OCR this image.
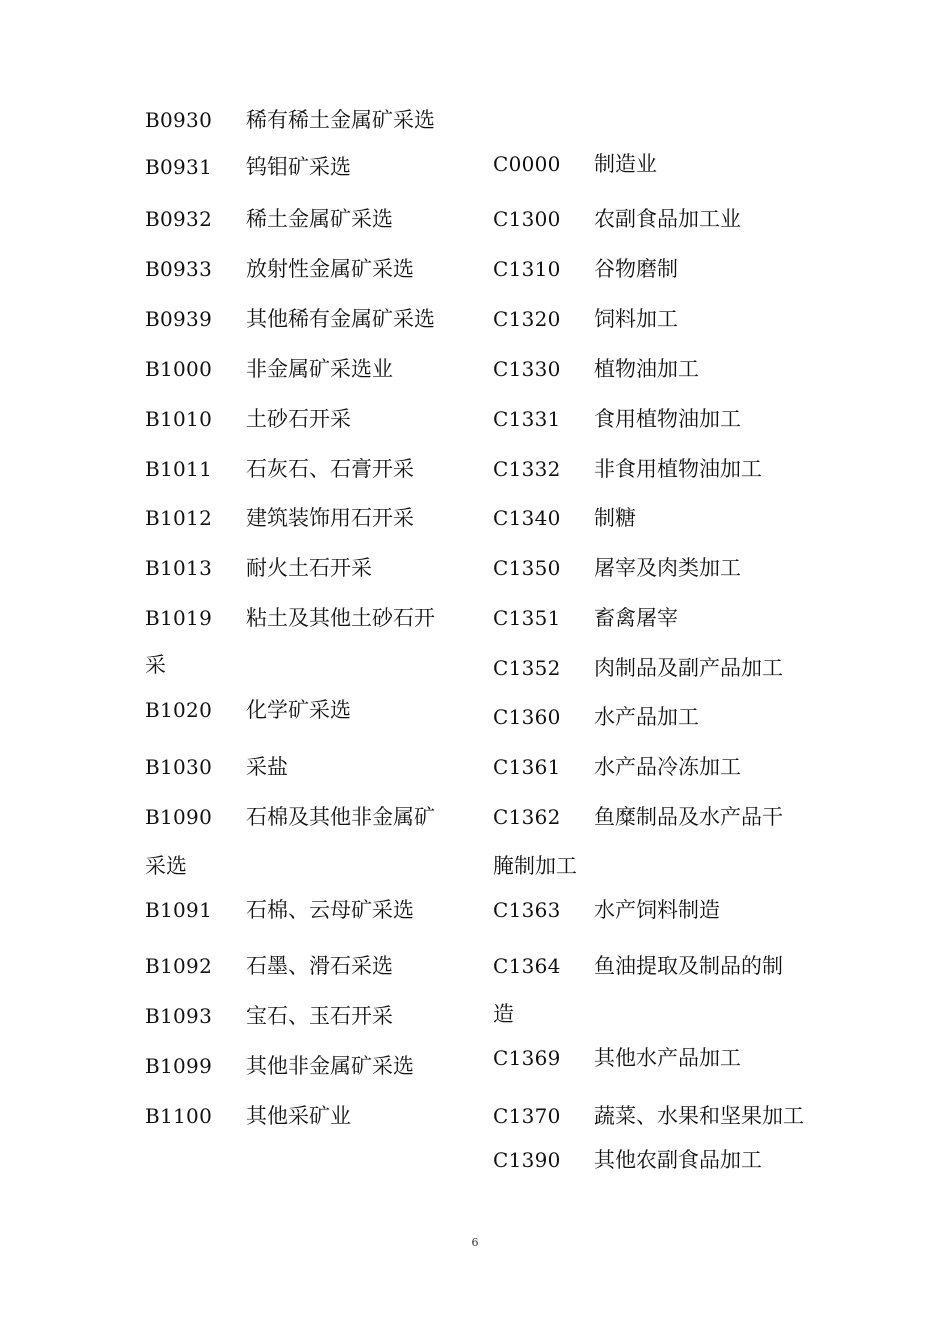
B0930 稀有稀土金属矿采选
B0931 钨钼矿采选
B0932 稀土金属矿采选
B0933 放射性金属矿采选
B0939 其他稀有金属矿采选
B1000 非金属矿采选业
B1010 土砂石开采
B1011 石灰石、石膏开采
B1012 建筑装饰用石开采
B1013 耐火土石开采
B1019 粘土及其他土砂石开
采
B1020 化学矿采选
B1030 采盐
B1090 石棉及其他非金属矿
采选
B1091 石棉、云母矿采选
B1092 石墨、滑石采选
B1093 宝石、玉石开采
B1099 其他非金属矿采选
B1100 其他采矿业
C0000 制造业
C1300 农副食品加工业
C1310 谷物磨制
C1320 饲料加工
C1330 植物油加工
C1331 食用植物油加工
C1332 非食用植物油加工
C1340 制糖
C1350 屠宰及肉类加工
C1351 畜禽屠宰
C1352 肉制品及副产品加工
C1360 水产品加工
C1361 水产品冷冻加工
C1362 鱼糜制品及水产品干
腌制加工
C1363 水产饲料制造
C1364 鱼油提取及制品的制
造
C1369 其他水产品加工
C1370 蔬菜、水果和坚果加工
C1390 其他农副食品加工
6
